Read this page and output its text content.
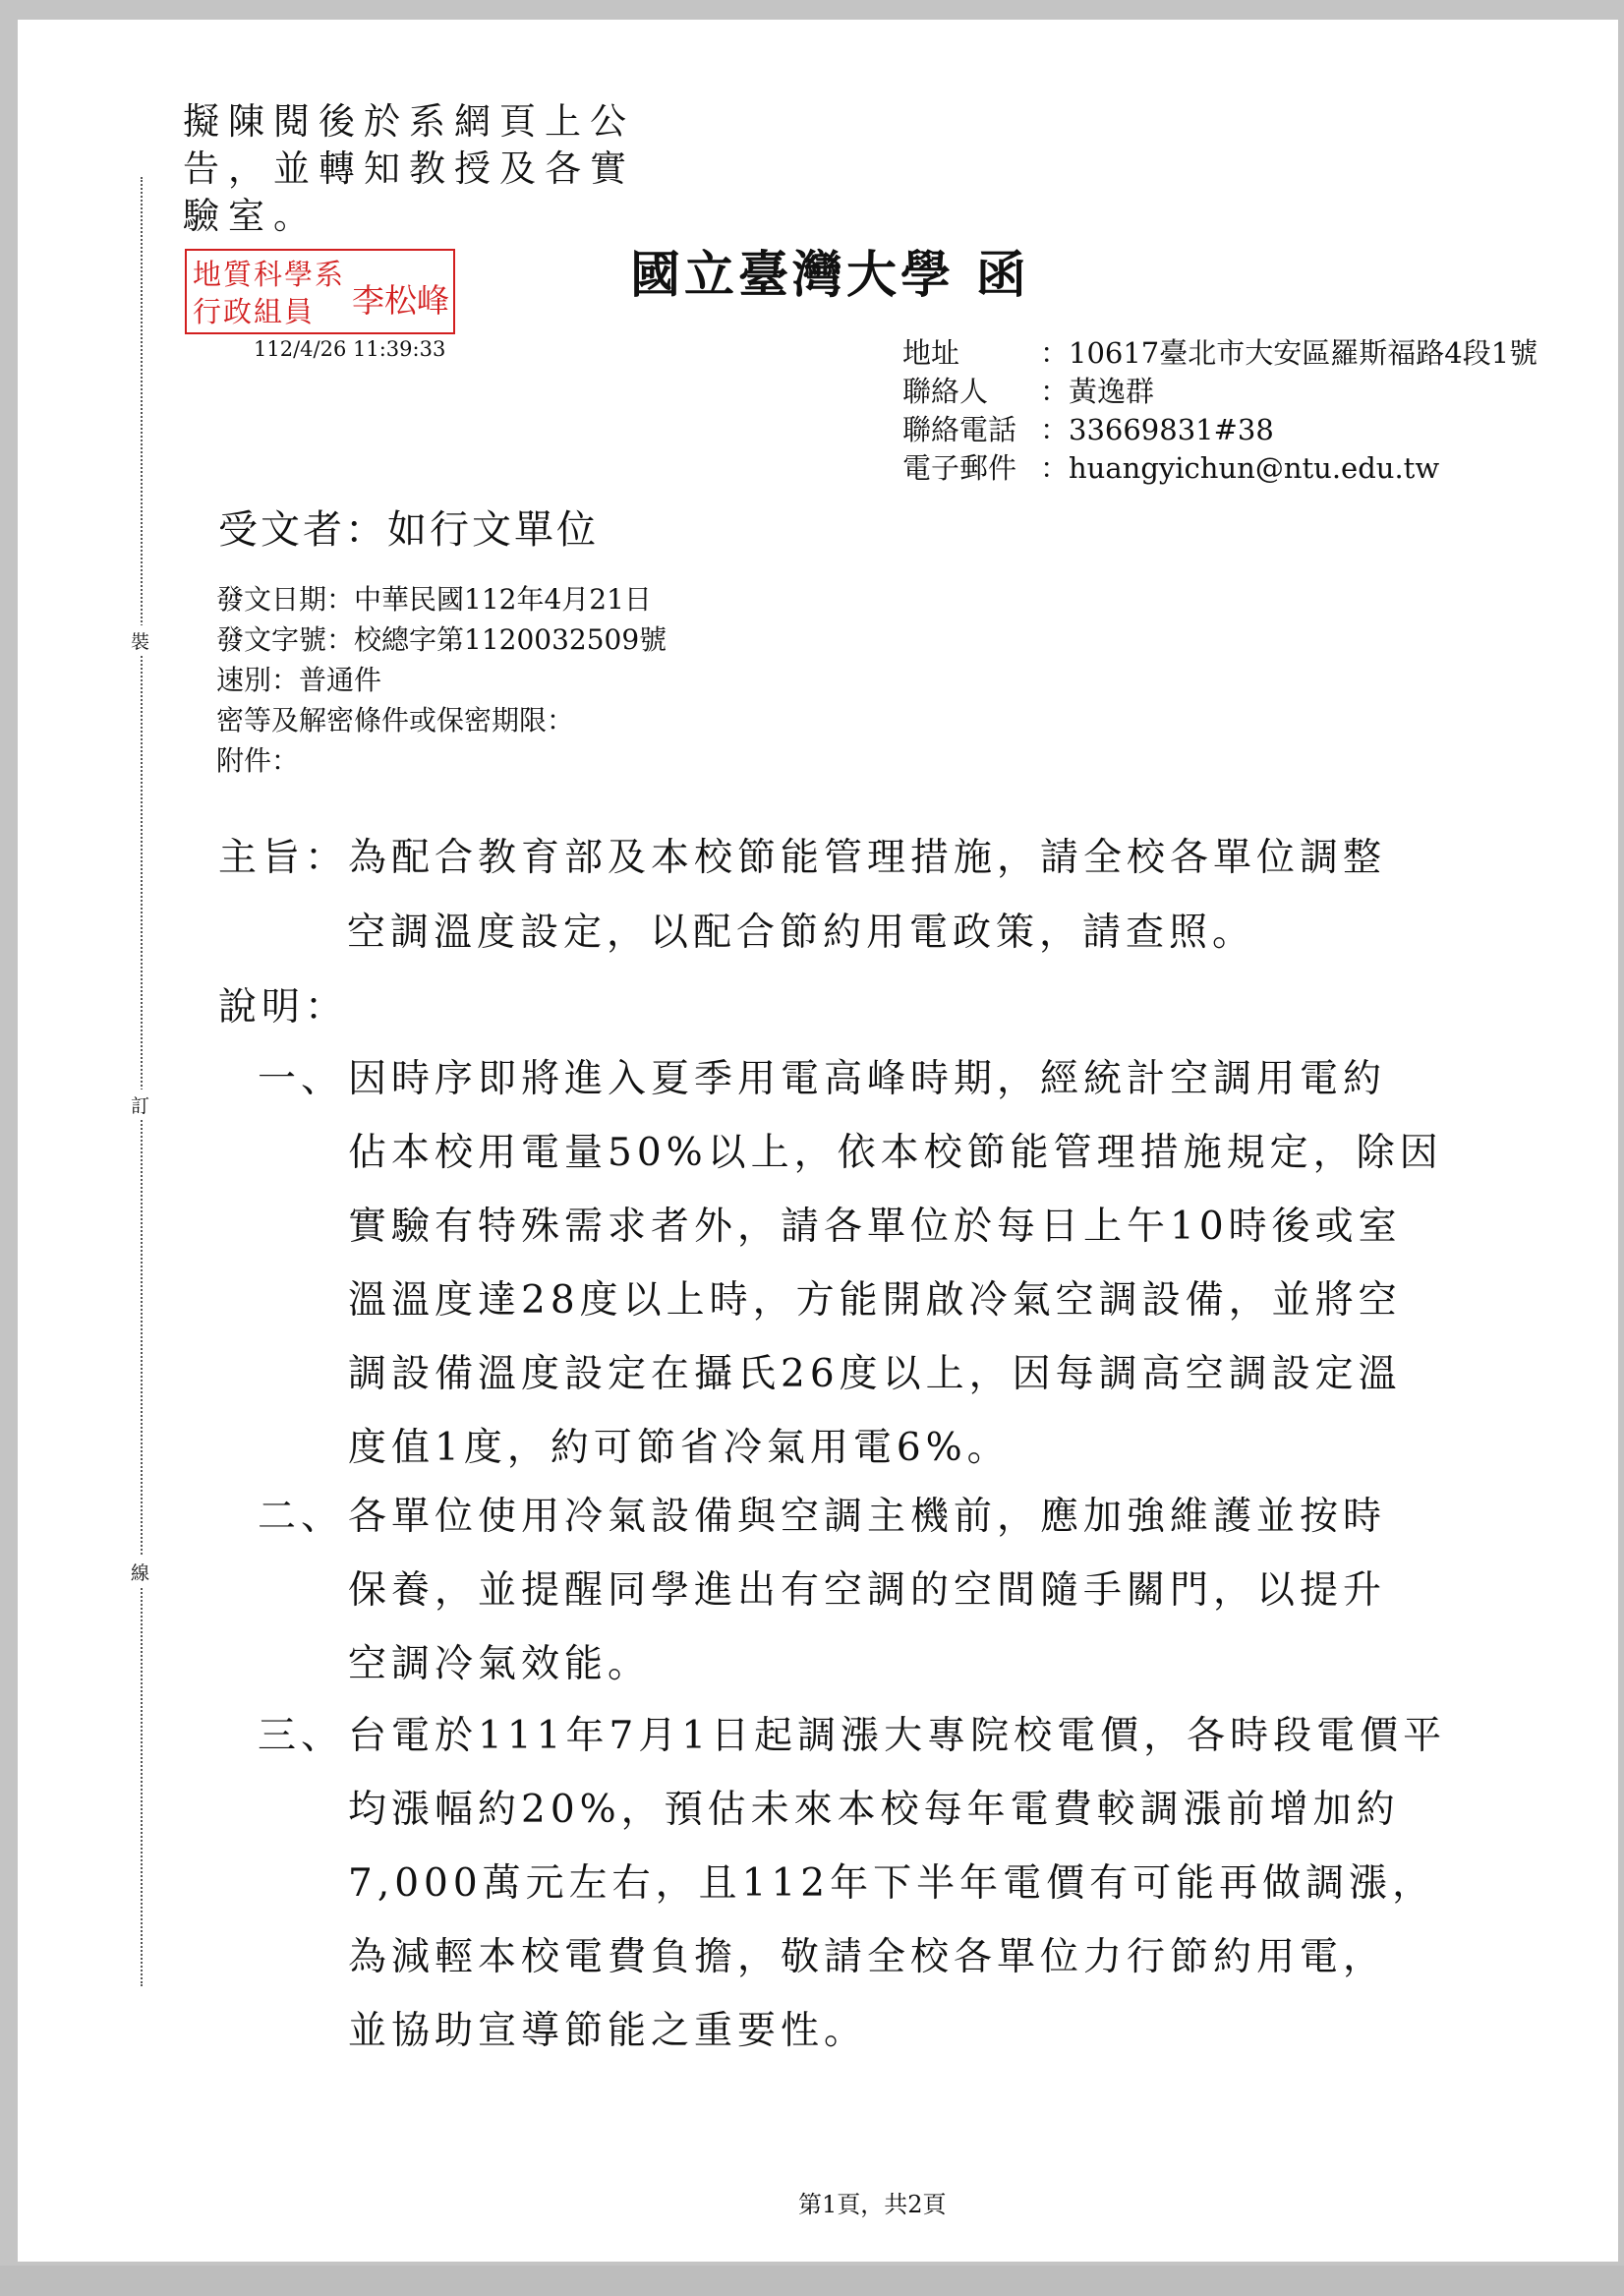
裝
訂
線
擬陳閱後於系網頁上公
告，並轉知教授及各實
驗室。
地質科學系
行政組員	李松峰
112/4/26 11:39:33
國立臺灣大學 函
地址	：10617臺北市大安區羅斯福路4段1號
聯絡人	：黃逸群
聯絡電話 ：33669831#38
電子郵件 ：huangyichun@ntu.edu.tw
受文者：如行文單位
發文日期：中華民國112年4月21日
發文字號：校總字第1120032509號
速別：普通件
密等及解密條件或保密期限：
附件：
主旨：為配合教育部及本校節能管理措施，請全校各單位調整
空調溫度設定，以配合節約用電政策，請查照。
說明：
一、 因時序即將進入夏季用電高峰時期，經統計空調用電約
佔本校用電量50%以上，依本校節能管理措施規定，除因
實驗有特殊需求者外，請各單位於每日上午10時後或室
溫溫度達28度以上時，方能開啟冷氣空調設備，並將空
調設備溫度設定在攝氏26度以上，因每調高空調設定溫
度值1度，約可節省冷氣用電6%。
二、 各單位使用冷氣設備與空調主機前，應加強維護並按時
保養，並提醒同學進出有空調的空間隨手關門，以提升
空調冷氣效能。
三、 台電於111年7月1日起調漲大專院校電價，各時段電價平
均漲幅約20%，預估未來本校每年電費較調漲前增加約
7,000萬元左右，且112年下半年電價有可能再做調漲，
為減輕本校電費負擔，敬請全校各單位力行節約用電，
並協助宣導節能之重要性。
第1頁，共2頁
